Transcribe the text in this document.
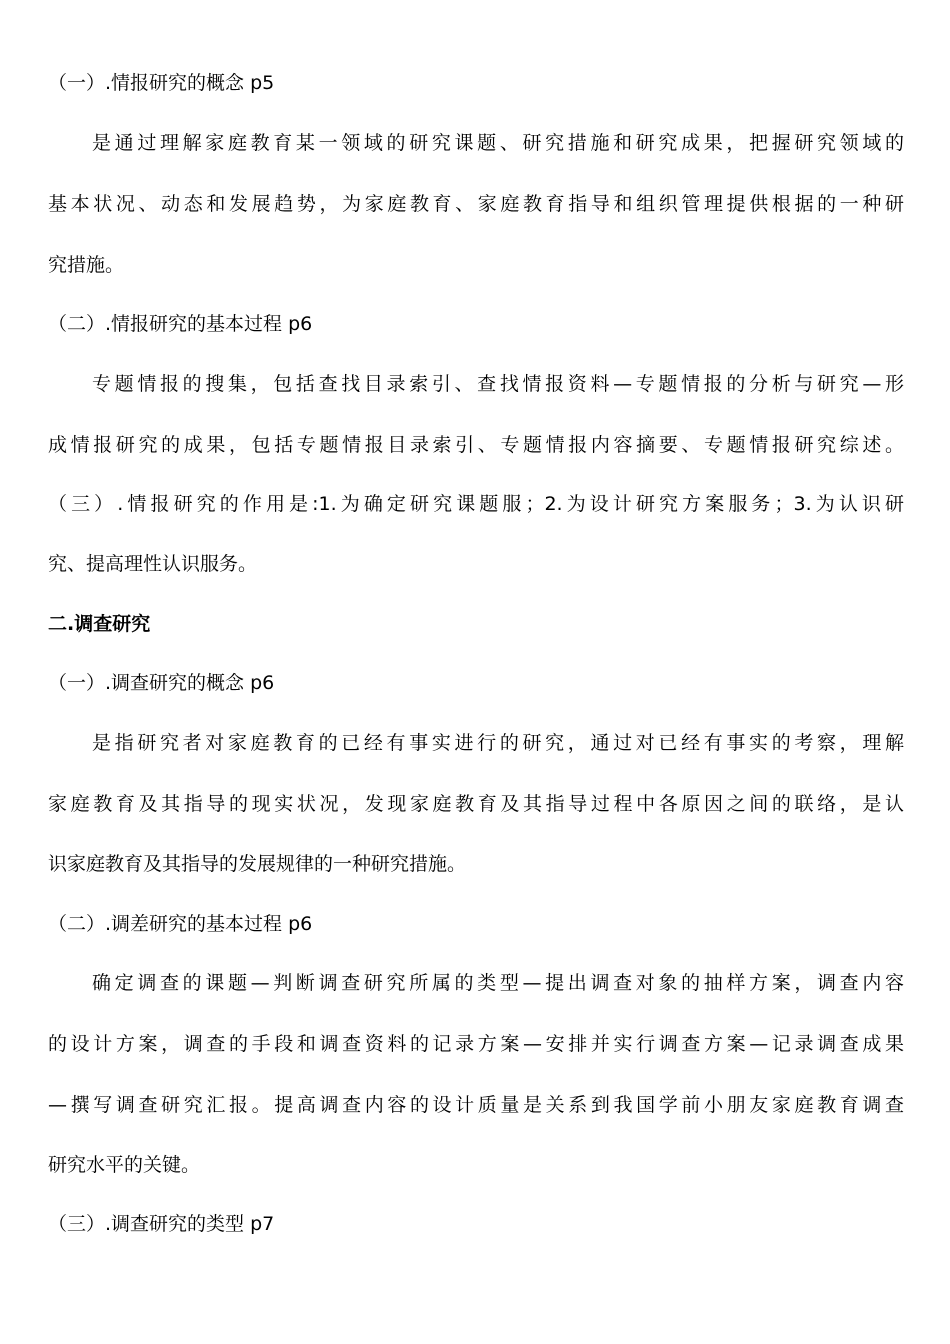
（一）.情报研究的概念 p5
是通过理解家庭教育某一领域的研究课题、研究措施和研究成果，把握研究领域的
基本状况、动态和发展趋势，为家庭教育、家庭教育指导和组织管理提供根据的一种研
究措施。
（二）.情报研究的基本过程 p6
专题情报的搜集，包括查找目录索引、查找情报资料—专题情报的分析与研究—形
成情报研究的成果，包括专题情报目录索引、专题情报内容摘要、专题情报研究综述。
（三）.情报研究的作用是:1.为确定研究课题服；2.为设计研究方案服务；3.为认识研
究、提高理性认识服务。
二.调查研究
（一）.调查研究的概念 p6
是指研究者对家庭教育的已经有事实进行的研究，通过对已经有事实的考察，理解
家庭教育及其指导的现实状况，发现家庭教育及其指导过程中各原因之间的联络，是认
识家庭教育及其指导的发展规律的一种研究措施。
（二）.调差研究的基本过程 p6
确定调查的课题—判断调查研究所属的类型—提出调查对象的抽样方案，调查内容
的设计方案，调查的手段和调查资料的记录方案—安排并实行调查方案—记录调查成果
—撰写调查研究汇报。提高调查内容的设计质量是关系到我国学前小朋友家庭教育调查
研究水平的关键。
（三）.调查研究的类型 p7
